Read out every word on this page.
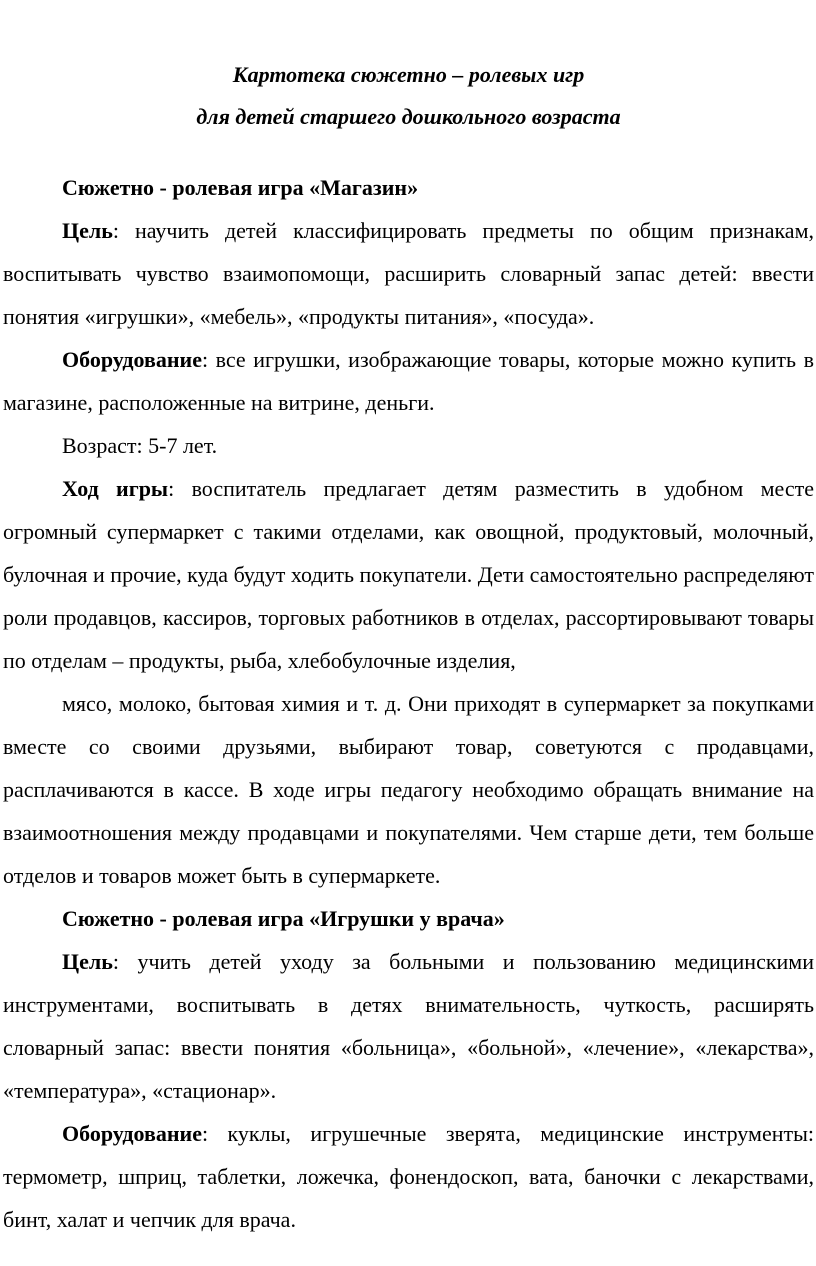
Картотека сюжетно – ролевых игр
для детей старшего дошкольного возраста

Сюжетно - ролевая игра «Магазин»

Цель: научить детей классифицировать предметы по общим признакам, воспитывать чувство взаимопомощи, расширить словарный запас детей: ввести понятия «игрушки», «мебель», «продукты питания», «посуда».

Оборудование: все игрушки, изображающие товары, которые можно купить в магазине, расположенные на витрине, деньги.

Возраст: 5-7 лет.

Ход игры: воспитатель предлагает детям разместить в удобном месте огромный супермаркет с такими отделами, как овощной, продуктовый, молочный, булочная и прочие, куда будут ходить покупатели. Дети самостоятельно распределяют роли продавцов, кассиров, торговых работников в отделах, рассортировывают товары по отделам – продукты, рыба, хлебобулочные изделия,

мясо, молоко, бытовая химия и т. д. Они приходят в супермаркет за покупками вместе со своими друзьями, выбирают товар, советуются с продавцами, расплачиваются в кассе. В ходе игры педагогу необходимо обращать внимание на взаимоотношения между продавцами и покупателями. Чем старше дети, тем больше отделов и товаров может быть в супермаркете.

Сюжетно - ролевая игра «Игрушки у врача»

Цель: учить детей уходу за больными и пользованию медицинскими инструментами, воспитывать в детях внимательность, чуткость, расширять словарный запас: ввести понятия «больница», «больной», «лечение», «лекарства», «температура», «стационар».

Оборудование: куклы, игрушечные зверята, медицинские инструменты: термометр, шприц, таблетки, ложечка, фонендоскоп, вата, баночки с лекарствами, бинт, халат и чепчик для врача.
